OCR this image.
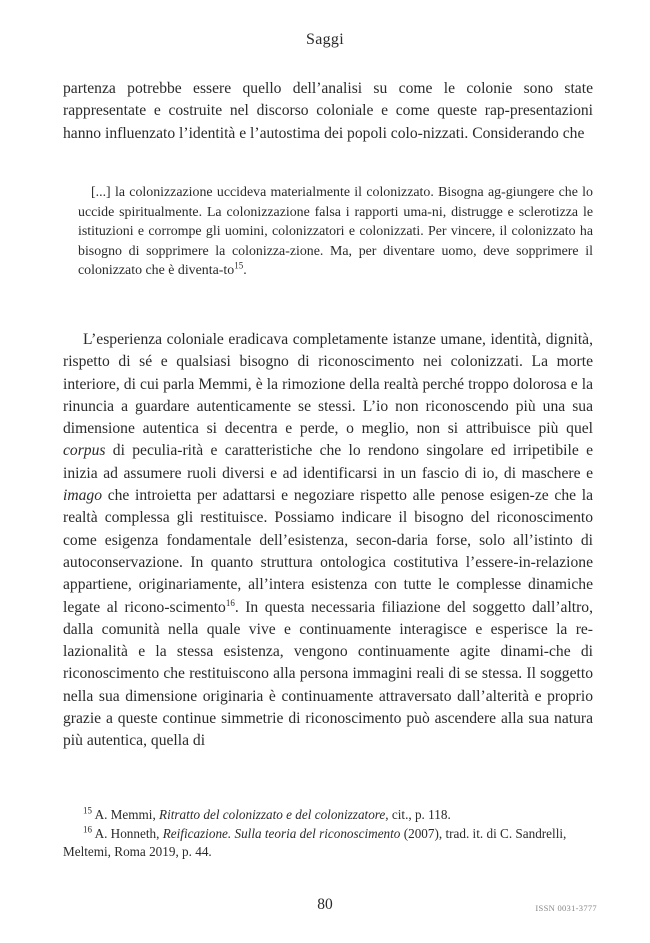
Saggi
partenza potrebbe essere quello dell’analisi su come le colonie sono state rappresentate e costruite nel discorso coloniale e come queste rap-presentazioni hanno influenzato l’identità e l’autostima dei popoli colo-nizzati. Considerando che
[...] la colonizzazione uccideva materialmente il colonizzato. Bisogna ag-giungere che lo uccide spiritualmente. La colonizzazione falsa i rapporti uma-ni, distrugge e sclerotizza le istituzioni e corrompe gli uomini, colonizzatori e colonizzati. Per vincere, il colonizzato ha bisogno di sopprimere la colonizza-zione. Ma, per diventare uomo, deve sopprimere il colonizzato che è diventa-$to^{15}$.
L’esperienza coloniale eradicava completamente istanze umane, identità, dignità, rispetto di sé e qualsiasi bisogno di riconoscimento nei colonizzati. La morte interiore, di cui parla Memmi, è la rimozione della realtà perché troppo dolorosa e la rinuncia a guardare autenticamente se stessi. L’io non riconoscendo più una sua dimensione autentica si decentra e perde, o meglio, non si attribuisce più quel corpus di peculia-rità e caratteristiche che lo rendono singolare ed irripetibile e inizia ad assumere ruoli diversi e ad identificarsi in un fascio di io, di maschere e imago che introietta per adattarsi e negoziare rispetto alle penose esigen-ze che la realtà complessa gli restituisce. Possiamo indicare il bisogno del riconoscimento come esigenza fondamentale dell’esistenza, secon-daria forse, solo all’istinto di autoconservazione. In quanto struttura ontologica costitutiva l’essere-in-relazione appartiene, originariamente, all’intera esistenza con tutte le complesse dinamiche legate al ricono-scimento$^{16}$. In questa necessaria filiazione del soggetto dall’altro, dalla comunità nella quale vive e continuamente interagisce e esperisce la re-lazionalità e la stessa esistenza, vengono continuamente agite dinami-che di riconoscimento che restituiscono alla persona immagini reali di se stessa. Il soggetto nella sua dimensione originaria è continuamente attraversato dall’alterità e proprio grazie a queste continue simmetrie di riconoscimento può ascendere alla sua natura più autentica, quella di
$^{15}$ A. Memmi, Ritratto del colonizzato e del colonizzatore, cit., p. 118.
$^{16}$ A. Honneth, Reificazione. Sulla teoria del riconoscimento (2007), trad. it. di C. Sandrelli, Meltemi, Roma 2019, p. 44.
80	ISSN 0031-3777
